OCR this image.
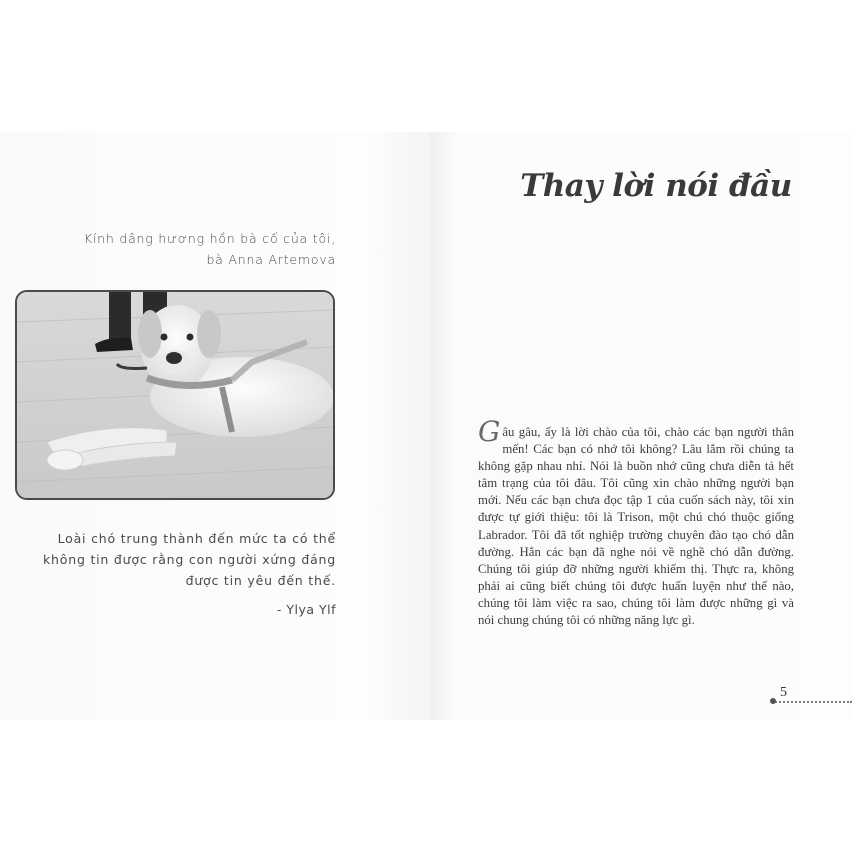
Kính dâng hương hồn bà cố của tôi,
bà Anna Artemova
Loài chó trung thành đến mức ta có thể
không tin được rằng con người xứng đáng
được tin yêu đến thế.
- Ylya Ylf
Thay lời nói đầu
Gâu gâu, ấy là lời chào của tôi, chào các bạn người thân mến! Các bạn có nhớ tôi không? Lâu lắm rồi chúng ta không gặp nhau nhỉ. Nói là buồn nhớ cũng chưa diễn tả hết tâm trạng của tôi đâu. Tôi cũng xin chào những người bạn mới. Nếu các bạn chưa đọc tập 1 của cuốn sách này, tôi xin được tự giới thiệu: tôi là Trison, một chú chó thuộc giống Labrador. Tôi đã tốt nghiệp trường chuyên đào tạo chó dẫn đường. Hẳn các bạn đã nghe nói về nghề chó dẫn đường. Chúng tôi giúp đỡ những người khiếm thị. Thực ra, không phải ai cũng biết chúng tôi được huấn luyện như thế nào, chúng tôi làm việc ra sao, chúng tôi làm được những gì và nói chung chúng tôi có những năng lực gì.
5
